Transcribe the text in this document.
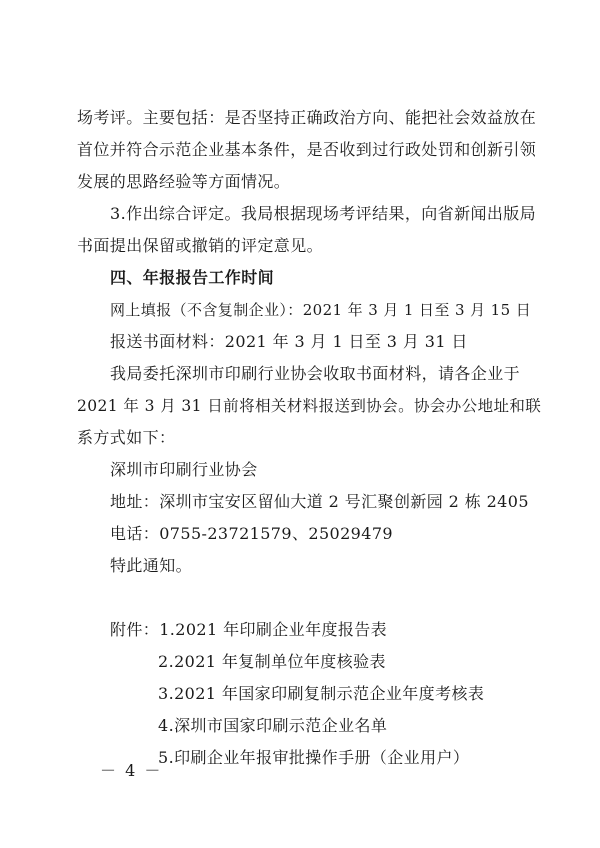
场考评。主要包括：是否坚持正确政治方向、能把社会效益放在
首位并符合示范企业基本条件，是否收到过行政处罚和创新引领
发展的思路经验等方面情况。
3.作出综合评定。我局根据现场考评结果，向省新闻出版局
书面提出保留或撤销的评定意见。
四、年报报告工作时间
网上填报（不含复制企业）：2021 年 3 月 1 日至 3 月 15 日
报送书面材料：2021 年 3 月 1 日至 3 月 31 日
我局委托深圳市印刷行业协会收取书面材料，请各企业于
2021 年 3 月 31 日前将相关材料报送到协会。协会办公地址和联
系方式如下：
深圳市印刷行业协会
地址：深圳市宝安区留仙大道 2 号汇聚创新园 2 栋 2405
电话：0755-23721579、25029479
特此通知。
附件：1.2021 年印刷企业年度报告表
2.2021 年复制单位年度核验表
3.2021 年国家印刷复制示范企业年度考核表
4.深圳市国家印刷示范企业名单
5.印刷企业年报审批操作手册（企业用户）
－ 4 －
